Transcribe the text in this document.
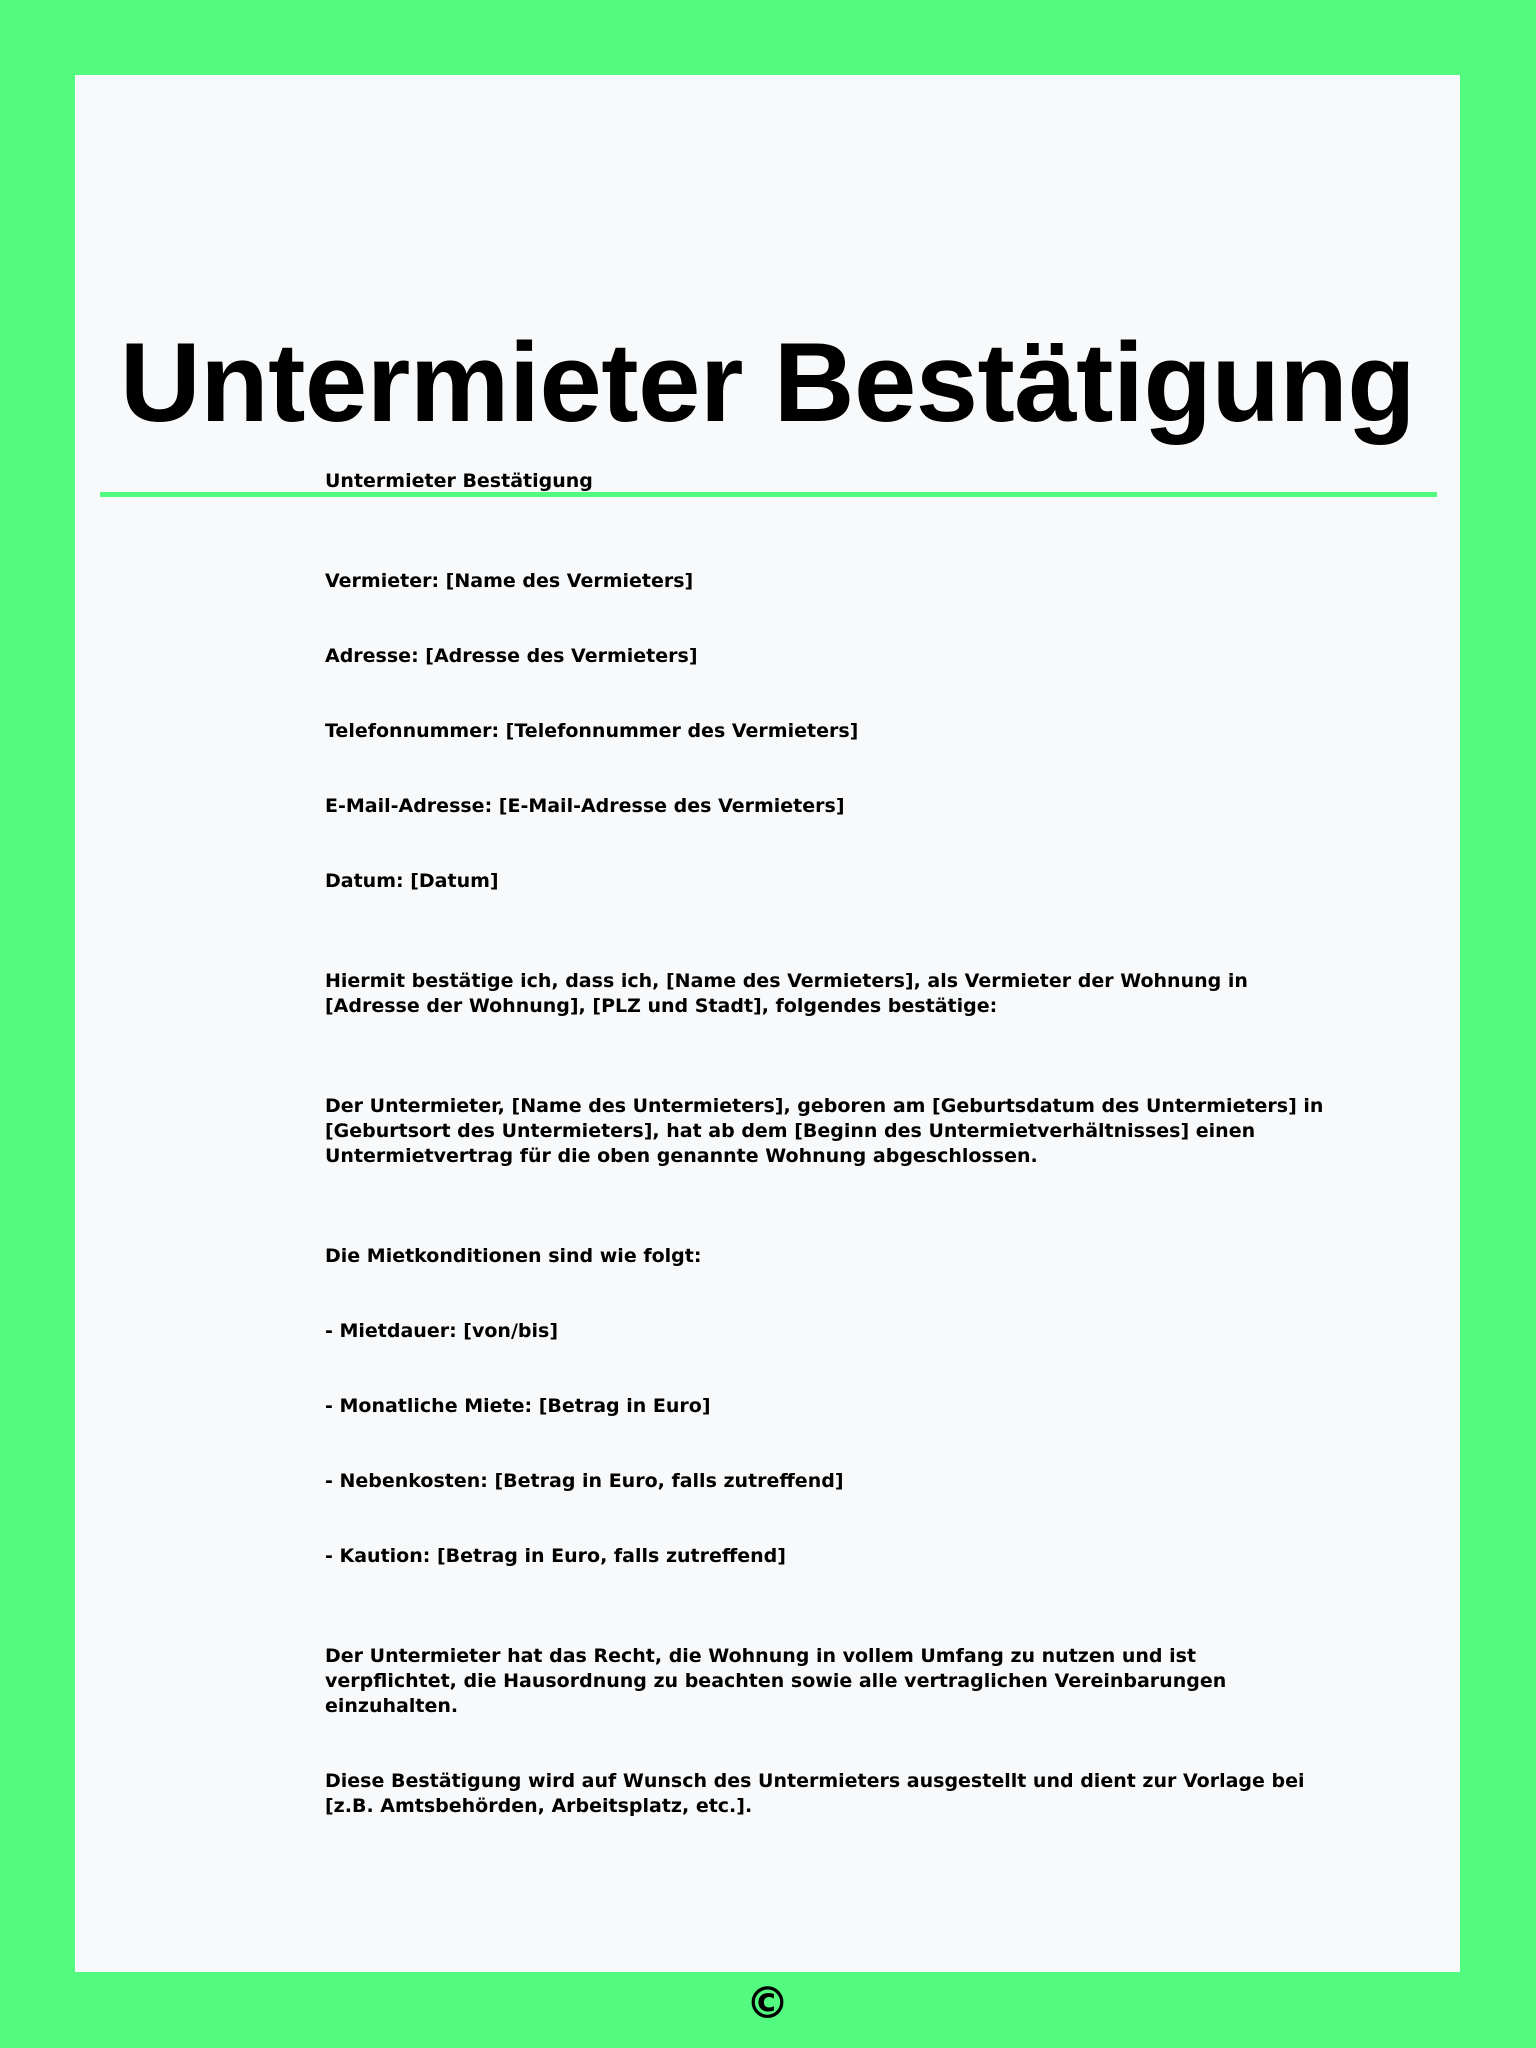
Untermieter Bestätigung

Untermieter Bestätigung

Vermieter: [Name des Vermieters]

Adresse: [Adresse des Vermieters]

Telefonnummer: [Telefonnummer des Vermieters]

E-Mail-Adresse: [E-Mail-Adresse des Vermieters]

Datum: [Datum]

Hiermit bestätige ich, dass ich, [Name des Vermieters], als Vermieter der Wohnung in [Adresse der Wohnung], [PLZ und Stadt], folgendes bestätige:

Der Untermieter, [Name des Untermieters], geboren am [Geburtsdatum des Untermieters] in [Geburtsort des Untermieters], hat ab dem [Beginn des Untermietverhältnisses] einen Untermietvertrag für die oben genannte Wohnung abgeschlossen.

Die Mietkonditionen sind wie folgt:

- Mietdauer: [von/bis]

- Monatliche Miete: [Betrag in Euro]

- Nebenkosten: [Betrag in Euro, falls zutreffend]

- Kaution: [Betrag in Euro, falls zutreffend]

Der Untermieter hat das Recht, die Wohnung in vollem Umfang zu nutzen und ist verpflichtet, die Hausordnung zu beachten sowie alle vertraglichen Vereinbarungen einzuhalten.

Diese Bestätigung wird auf Wunsch des Untermieters ausgestellt und dient zur Vorlage bei [z.B. Amtsbehörden, Arbeitsplatz, etc.].

©
